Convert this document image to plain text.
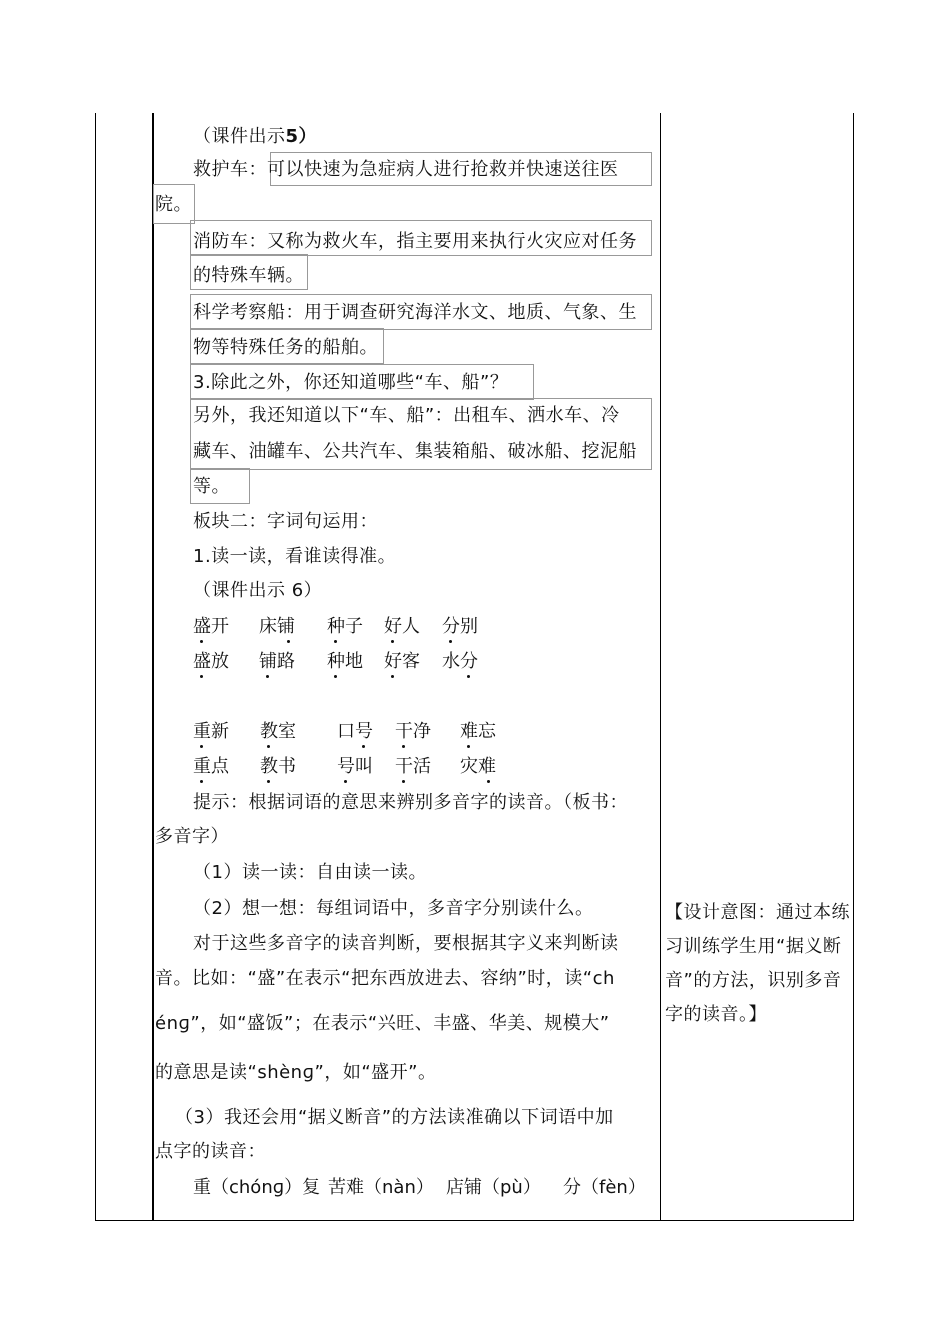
（课件出示5）
救护车：可以快速为急症病人进行抢救并快速送往医
院。
消防车：又称为救火车，指主要用来执行火灾应对任务
的特殊车辆。
科学考察船：用于调查研究海洋水文、地质、气象、生
物等特殊任务的船舶。
3.除此之外，你还知道哪些“车、船”？
另外，我还知道以下“车、船”：出租车、洒水车、冷
藏车、油罐车、公共汽车、集装箱船、破冰船、挖泥船
等。
板块二：字词句运用：
1.读一读，看谁读得准。
（课件出示 6）
盛开 床铺 种子 好人 分别
盛放 铺路 种地 好客 水分
重新 教室 口号 干净 难忘
重点 教书 号叫 干活 灾难
提示：根据词语的意思来辨别多音字的读音。（板书：
多音字）
（1）读一读：自由读一读。
（2）想一想：每组词语中，多音字分别读什么。
对于这些多音字的读音判断，要根据其字义来判断读
音。比如：“盛”在表示“把东西放进去、容纳”时，读“ch
énɡ”，如“盛饭”；在表示“兴旺、丰盛、华美、规模大”
的意思是读“shènɡ”，如“盛开”。
（3）我还会用“据义断音”的方法读准确以下词语中加
点字的读音：
重（chónɡ）复 苦难（nàn） 店铺（pù） 分（fèn）
【设计意图：通过本练习训练学生用“据义断音”的方法，识别多音字的读音。】
